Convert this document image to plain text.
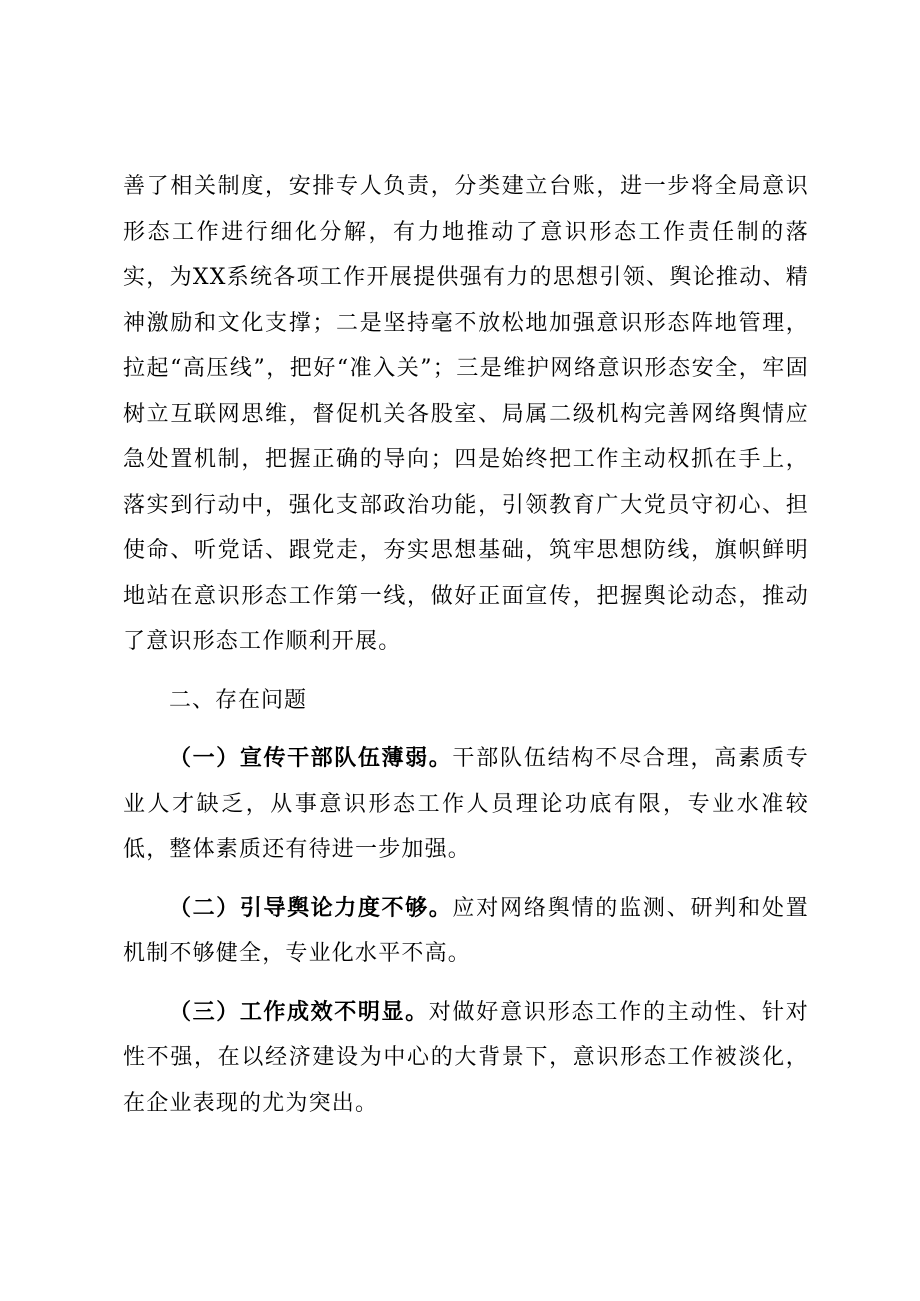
善了相关制度，安排专人负责，分类建立台账，进一步将全局意识形态工作进行细化分解，有力地推动了意识形态工作责任制的落实，为XX系统各项工作开展提供强有力的思想引领、舆论推动、精神激励和文化支撑；二是坚持毫不放松地加强意识形态阵地管理，拉起“高压线”，把好“准入关”；三是维护网络意识形态安全，牢固树立互联网思维，督促机关各股室、局属二级机构完善网络舆情应急处置机制，把握正确的导向；四是始终把工作主动权抓在手上，落实到行动中，强化支部政治功能，引领教育广大党员守初心、担使命、听党话、跟党走，夯实思想基础，筑牢思想防线，旗帜鲜明地站在意识形态工作第一线，做好正面宣传，把握舆论动态，推动了意识形态工作顺利开展。

二、存在问题

（一）宣传干部队伍薄弱。干部队伍结构不尽合理，高素质专业人才缺乏，从事意识形态工作人员理论功底有限，专业水准较低，整体素质还有待进一步加强。

（二）引导舆论力度不够。应对网络舆情的监测、研判和处置机制不够健全，专业化水平不高。

（三）工作成效不明显。对做好意识形态工作的主动性、针对性不强，在以经济建设为中心的大背景下，意识形态工作被淡化，在企业表现的尤为突出。
